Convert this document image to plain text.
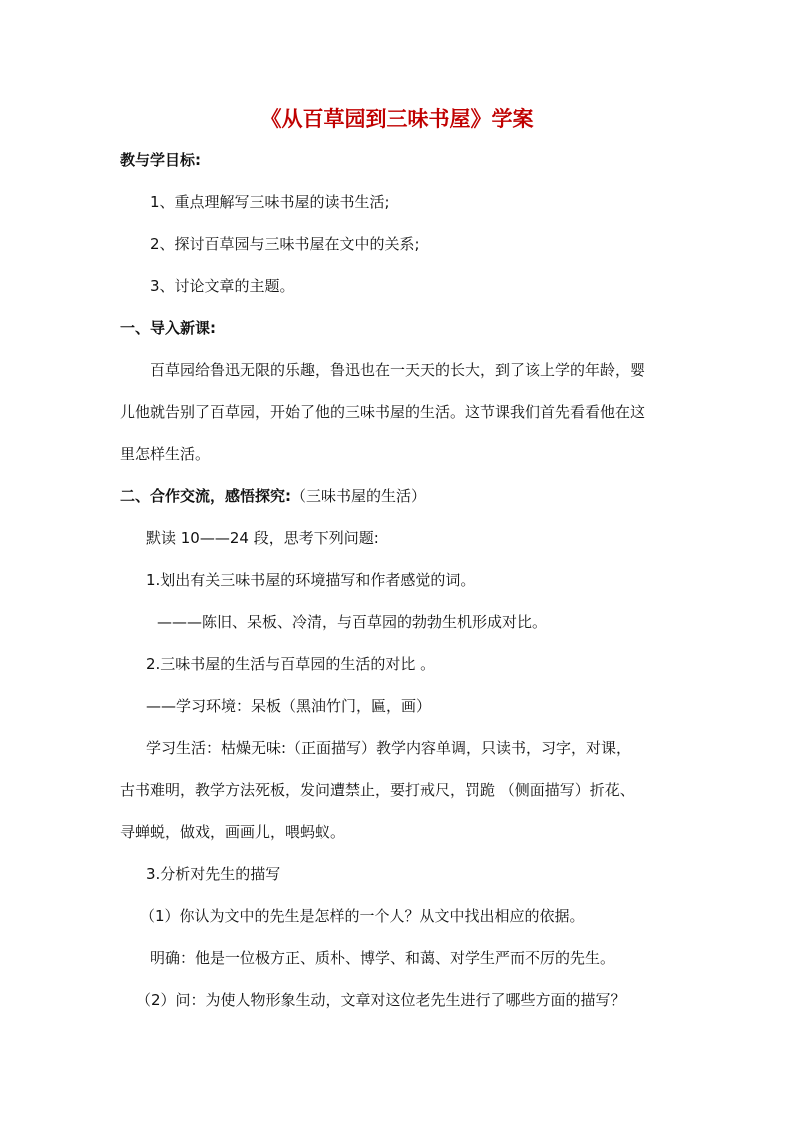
《从百草园到三味书屋》学案
教与学目标:
1、重点理解写三味书屋的读书生活;
2、探讨百草园与三味书屋在文中的关系;
3、讨论文章的主题。
一、导入新课:
百草园给鲁迅无限的乐趣，鲁迅也在一天天的长大，到了该上学的年龄，婴
儿他就告别了百草园，开始了他的三味书屋的生活。这节课我们首先看看他在这
里怎样生活。
二、合作交流，感悟探究:（三味书屋的生活）
默读 10——24 段，思考下列问题:
1.划出有关三味书屋的环境描写和作者感觉的词。
———陈旧、呆板、冷清，与百草园的勃勃生机形成对比。
2.三味书屋的生活与百草园的生活的对比 。
——学习环境：呆板（黑油竹门，匾，画）
学习生活：枯燥无味:（正面描写）教学内容单调，只读书，习字，对课，
古书难明，教学方法死板，发问遭禁止，要打戒尺，罚跪 （侧面描写）折花、
寻蝉蜕，做戏，画画儿，喂蚂蚁。
3.分析对先生的描写
（1）你认为文中的先生是怎样的一个人？从文中找出相应的依据。
明确：他是一位极方正、质朴、博学、和蔼、对学生严而不厉的先生。
（2）问：为使人物形象生动，文章对这位老先生进行了哪些方面的描写？
